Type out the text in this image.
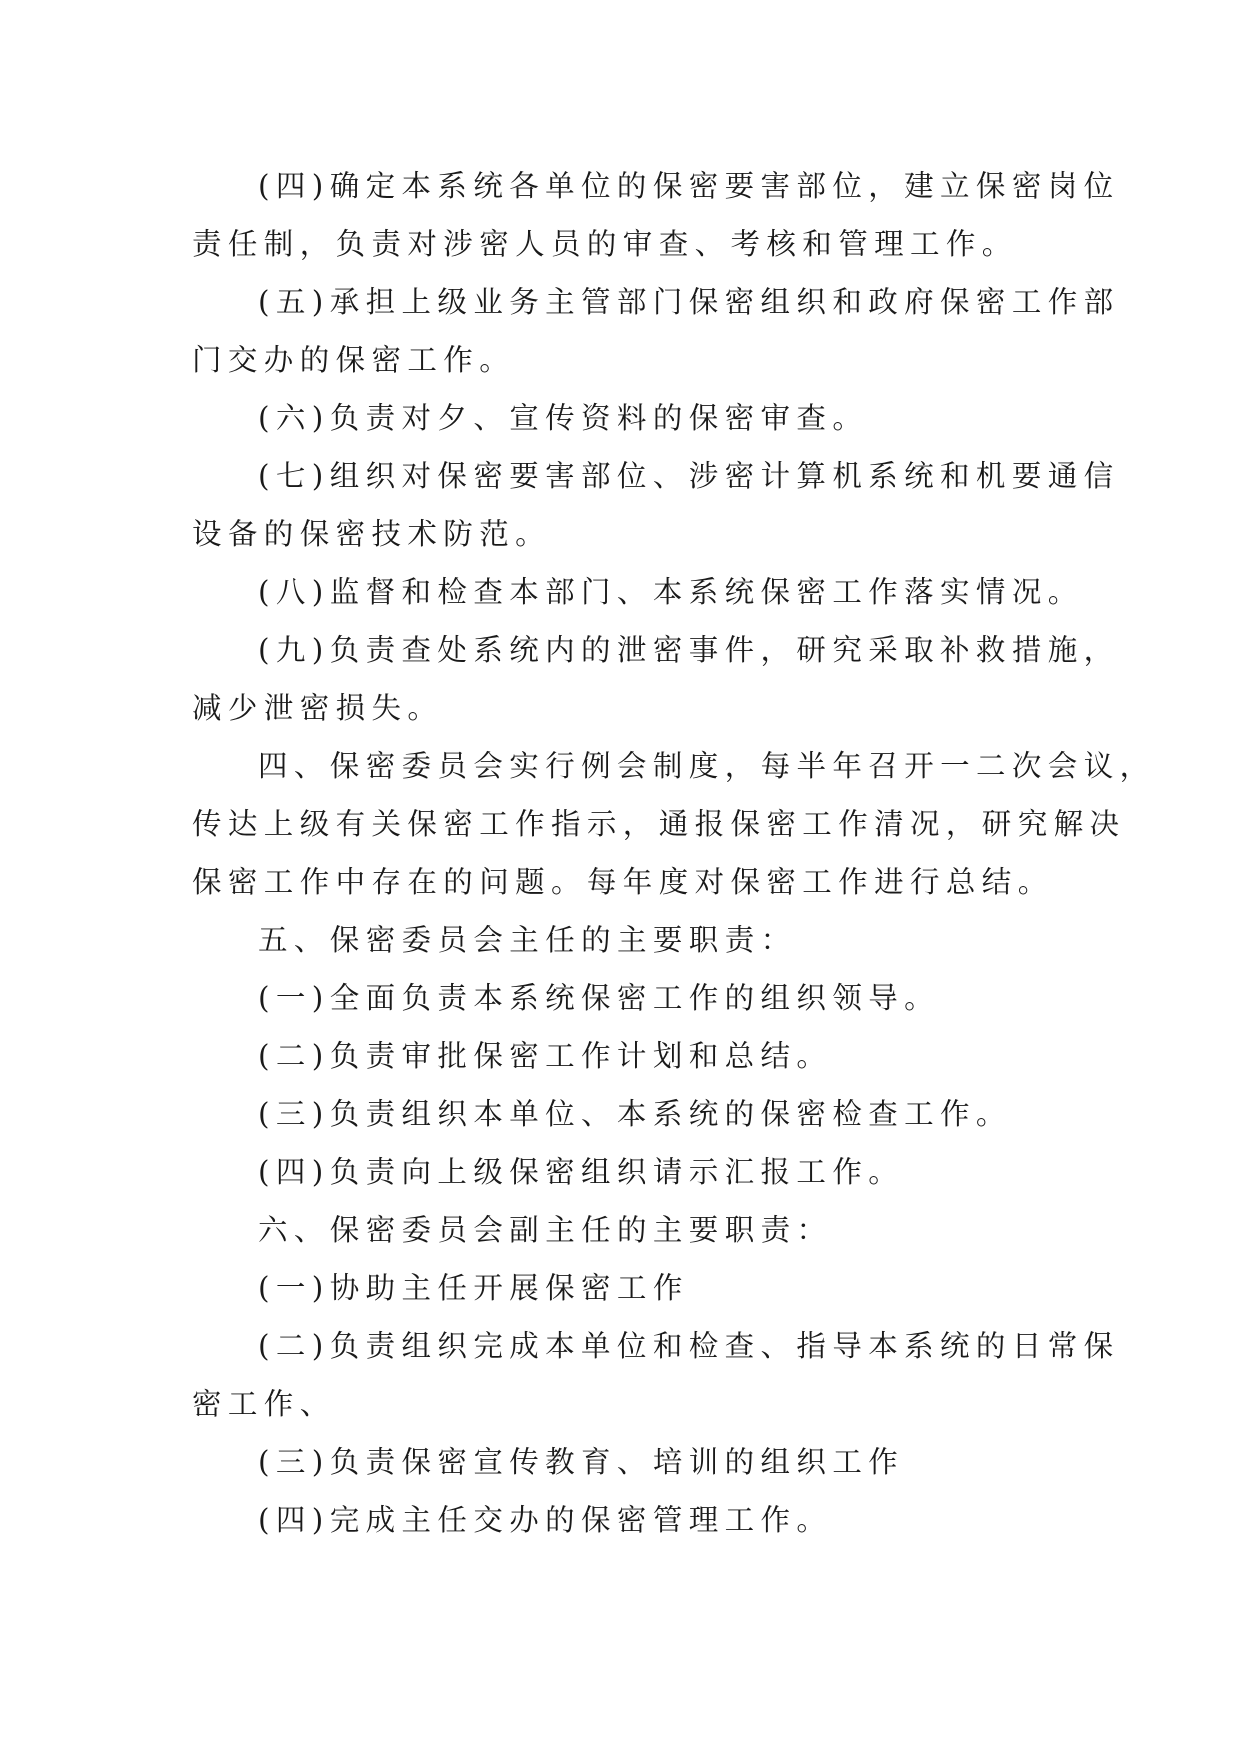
(四)确定本系统各单位的保密要害部位，建立保密岗位
责任制，负责对涉密人员的审查、考核和管理工作。
(五)承担上级业务主管部门保密组织和政府保密工作部
门交办的保密工作。
(六)负责对夕、宣传资料的保密审查。
(七)组织对保密要害部位、涉密计算机系统和机要通信
设备的保密技术防范。
(八)监督和检查本部门、本系统保密工作落实情况。
(九)负责查处系统内的泄密事件，研究采取补救措施，
减少泄密损失。
四、保密委员会实行例会制度，每半年召开一二次会议，
传达上级有关保密工作指示，通报保密工作清况，研究解决
保密工作中存在的问题。每年度对保密工作进行总结。
五、保密委员会主任的主要职责：
(一)全面负责本系统保密工作的组织领导。
(二)负责审批保密工作计划和总结。
(三)负责组织本单位、本系统的保密检查工作。
(四)负责向上级保密组织请示汇报工作。
六、保密委员会副主任的主要职责：
(一)协助主任开展保密工作
(二)负责组织完成本单位和检查、指导本系统的日常保
密工作、
(三)负责保密宣传教育、培训的组织工作
(四)完成主任交办的保密管理工作。
